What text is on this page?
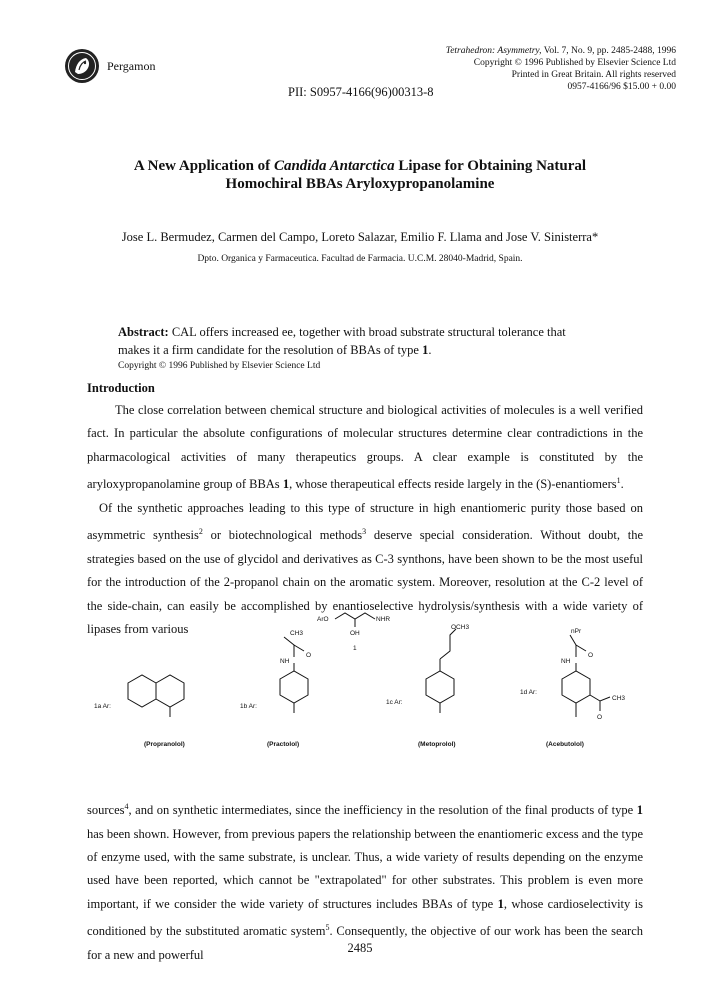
Pergamon
Tetrahedron: Asymmetry, Vol. 7, No. 9, pp. 2485-2488, 1996
Copyright © 1996 Published by Elsevier Science Ltd
Printed in Great Britain. All rights reserved
0957-4166/96 $15.00 + 0.00
PII: S0957-4166(96)00313-8
A New Application of Candida Antarctica Lipase for Obtaining Natural
Homochiral BBAs Aryloxypropanolamine
Jose L. Bermudez, Carmen del Campo, Loreto Salazar, Emilio F. Llama and Jose V. Sinisterra*
Dpto. Organica y Farmaceutica. Facultad de Farmacia. U.C.M. 28040-Madrid, Spain.
Abstract: CAL offers increased ee, together with broad substrate structural tolerance that
makes it a firm candidate for the resolution of BBAs of type 1.
Copyright © 1996 Published by Elsevier Science Ltd
Introduction

The close correlation between chemical structure and biological activities of molecules is a well verified fact. In particular the absolute configurations of molecular structures determine clear contradictions in the pharmacological activities of many therapeutics groups. A clear example is constituted by the aryloxypropanolamine group of BBAs 1, whose therapeutical effects reside largely in the (S)-enantiomers$^1$.

Of the synthetic approaches leading to this type of structure in high enantiomeric purity those based on asymmetric synthesis$^2$ or biotechnological methods$^3$ deserve special consideration. Without doubt, the strategies based on the use of glycidol and derivatives as C-3 synthons, have been shown to be the most useful for the introduction of the 2-propanol chain on the aromatic system. Moreover, resolution at the C-2 level of the side-chain, can easily be accomplished by enantioselective hydrolysis/synthesis with a wide variety of lipases from various

ArO	NHR
OH
1
1a Ar:
(Propranolol)
1b Ar:
CH3
NH
O
(Practolol)
1c Ar:
OCH3
(Metoprolol)
1d Ar:
nPr
NH
O
CH3
O
(Acebutolol)

sources$^4$, and on synthetic intermediates, since the inefficiency in the resolution of the final products of type 1 has been shown. However, from previous papers the relationship between the enantiomeric excess and the type of enzyme used, with the same substrate, is unclear. Thus, a wide variety of results depending on the enzyme used have been reported, which cannot be "extrapolated" for other substrates. This problem is even more important, if we consider the wide variety of structures includes BBAs of type 1, whose cardioselectivity is conditioned by the substituted aromatic system$^5$. Consequently, the objective of our work has been the search for a new and powerful	2485
